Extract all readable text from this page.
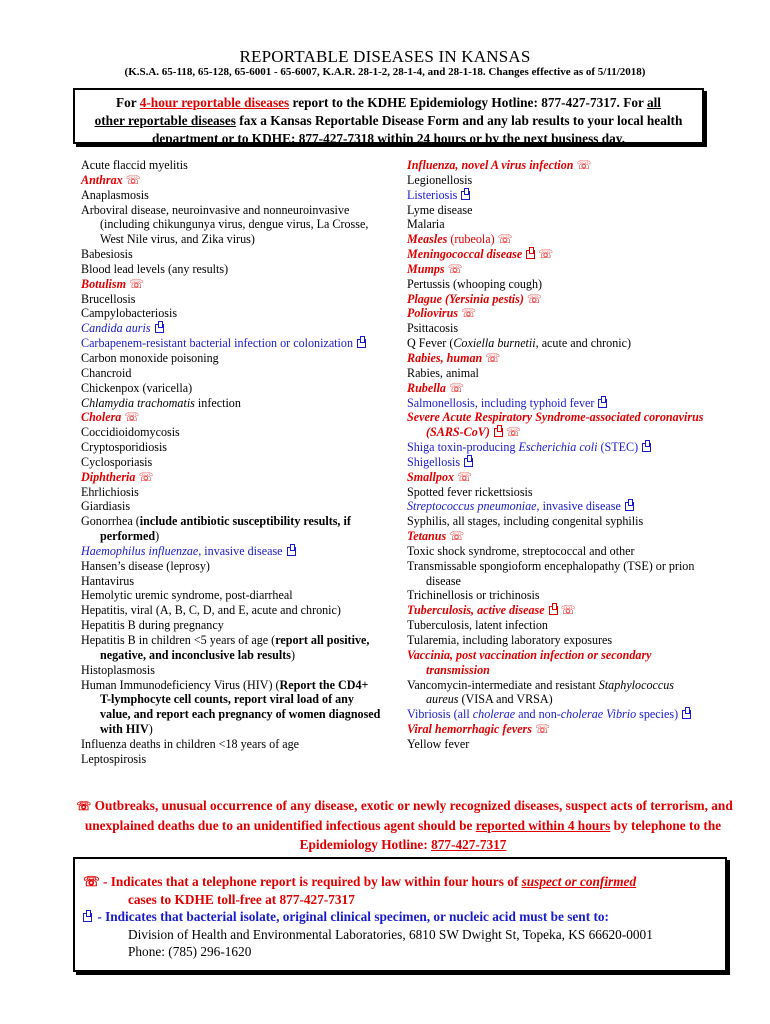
REPORTABLE DISEASES IN KANSAS
(K.S.A. 65-118, 65-128, 65-6001 - 65-6007, K.A.R. 28-1-2, 28-1-4, and 28-1-18. Changes effective as of 5/11/2018)
For 4-hour reportable diseases report to the KDHE Epidemiology Hotline: 877-427-7317. For all
other reportable diseases fax a Kansas Reportable Disease Form and any lab results to your local health department or to KDHE: 877-427-7318 within 24 hours or by the next business day.

Acute flaccid myelitis

Anthrax ☏

Anaplasmosis

Arboviral disease, neuroinvasive and nonneuroinvasive (including chikungunya virus, dengue virus, La Crosse, West Nile virus, and Zika virus)

Babesiosis

Blood lead levels (any results)

Botulism ☏

Brucellosis

Campylobacteriosis

Candida auris

Carbapenem-resistant bacterial infection or colonization

Carbon monoxide poisoning

Chancroid

Chickenpox (varicella)

Chlamydia trachomatis infection

Cholera ☏

Coccidioidomycosis

Cryptosporidiosis

Cyclosporiasis

Diphtheria ☏

Ehrlichiosis

Giardiasis

Gonorrhea (include antibiotic susceptibility results, if performed)

Haemophilus influenzae, invasive disease

Hansen’s disease (leprosy)

Hantavirus

Hemolytic uremic syndrome, post-diarrheal

Hepatitis, viral (A, B, C, D, and E, acute and chronic)

Hepatitis B during pregnancy

Hepatitis B in children <5 years of age (report all positive, negative, and inconclusive lab results)

Histoplasmosis

Human Immunodeficiency Virus (HIV) (Report the CD4+ T-lymphocyte cell counts, report viral load of any value, and report each pregnancy of women diagnosed with HIV)

Influenza deaths in children <18 years of age

Leptospirosis

Influenza, novel A virus infection ☏

Legionellosis

Listeriosis

Lyme disease

Malaria

Measles (rubeola) ☏

Meningococcal disease ☏

Mumps ☏

Pertussis (whooping cough)

Plague (Yersinia pestis) ☏

Poliovirus ☏

Psittacosis

Q Fever (Coxiella burnetii, acute and chronic)

Rabies, human ☏

Rabies, animal

Rubella ☏

Salmonellosis, including typhoid fever

Severe Acute Respiratory Syndrome-associated coronavirus (SARS-CoV) ☏

Shiga toxin-producing Escherichia coli (STEC)

Shigellosis

Smallpox ☏

Spotted fever rickettsiosis

Streptococcus pneumoniae, invasive disease

Syphilis, all stages, including congenital syphilis

Tetanus ☏

Toxic shock syndrome, streptococcal and other

Transmissable spongioform encephalopathy (TSE) or prion disease

Trichinellosis or trichinosis

Tuberculosis, active disease ☏

Tuberculosis, latent infection

Tularemia, including laboratory exposures

Vaccinia, post vaccination infection or secondary transmission

Vancomycin-intermediate and resistant Staphylococcus aureus (VISA and VRSA)

Vibriosis (all cholerae and non-cholerae Vibrio species)

Viral hemorrhagic fevers ☏

Yellow fever

☏ Outbreaks, unusual occurrence of any disease, exotic or newly recognized diseases, suspect acts of terrorism, and unexplained deaths due to an unidentified infectious agent should be reported within 4 hours by telephone to the Epidemiology Hotline: 877-427-7317
☏ - Indicates that a telephone report is required by law within four hours of suspect or confirmed
cases to KDHE toll-free at 877-427-7317
- Indicates that bacterial isolate, original clinical specimen, or nucleic acid must be sent to:
Division of Health and Environmental Laboratories, 6810 SW Dwight St, Topeka, KS 66620-0001
Phone: (785) 296-1620
